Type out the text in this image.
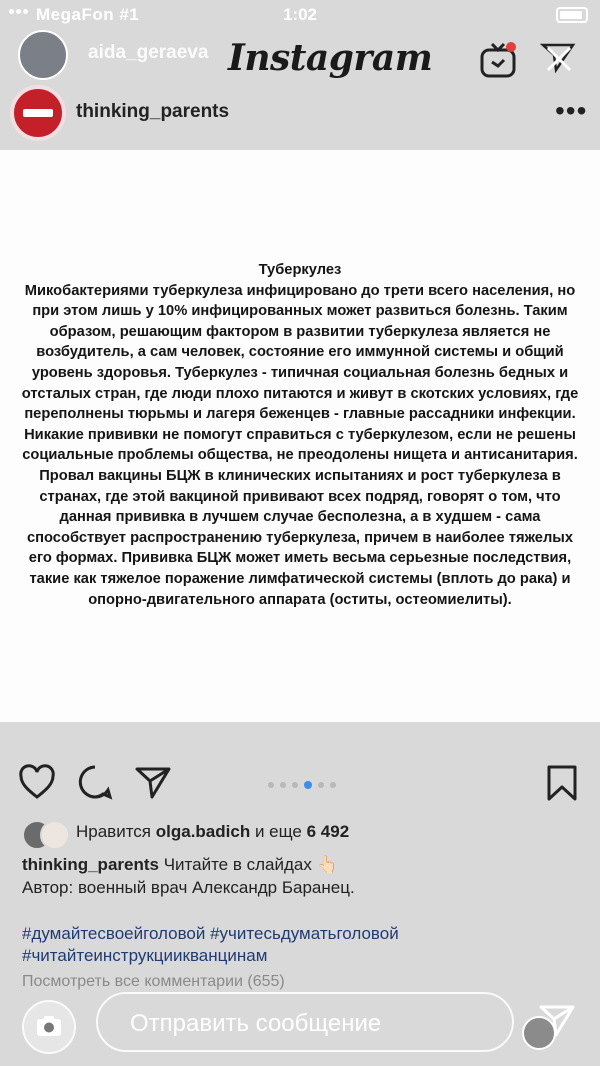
MegaFon #1	1:02
aida_geraeva Instagram
thinking_parents	•••
Туберкулез
Микобактериями туберкулеза инфицировано до трети всего населения, но при этом лишь у 10% инфицированных может развиться болезнь. Таким образом, решающим фактором в развитии туберкулеза является не возбудитель, а сам человек, состояние его иммунной системы и общий уровень здоровья. Туберкулез - типичная социальная болезнь бедных и отсталых стран, где люди плохо питаются и живут в скотских условиях, где переполнены тюрьмы и лагеря беженцев - главные рассадники инфекции. Никакие прививки не помогут справиться с туберкулезом, если не решены социальные проблемы общества, не преодолены нищета и антисанитария. Провал вакцины БЦЖ в клинических испытаниях и рост туберкулеза в странах, где этой вакциной прививают всех подряд, говорят о том, что данная прививка в лучшем случае бесполезна, а в худшем - сама способствует распространению туберкулеза, причем в наиболее тяжелых его формах. Прививка БЦЖ может иметь весьма серьезные последствия, такие как тяжелое поражение лимфатической системы (вплоть до рака) и опорно-двигательного аппарата (оститы, остеомиелиты).
Нравится olga.badich и еще 6 492
thinking_parents Читайте в слайдах 👆🏻
Автор: военный врач Александр Баранец.
#думайтесвоейголовой #учитесьдуматьголовой
#читайтеинструкциикванцинам
Посмотреть все комментарии (655)
Отправить сообщение
